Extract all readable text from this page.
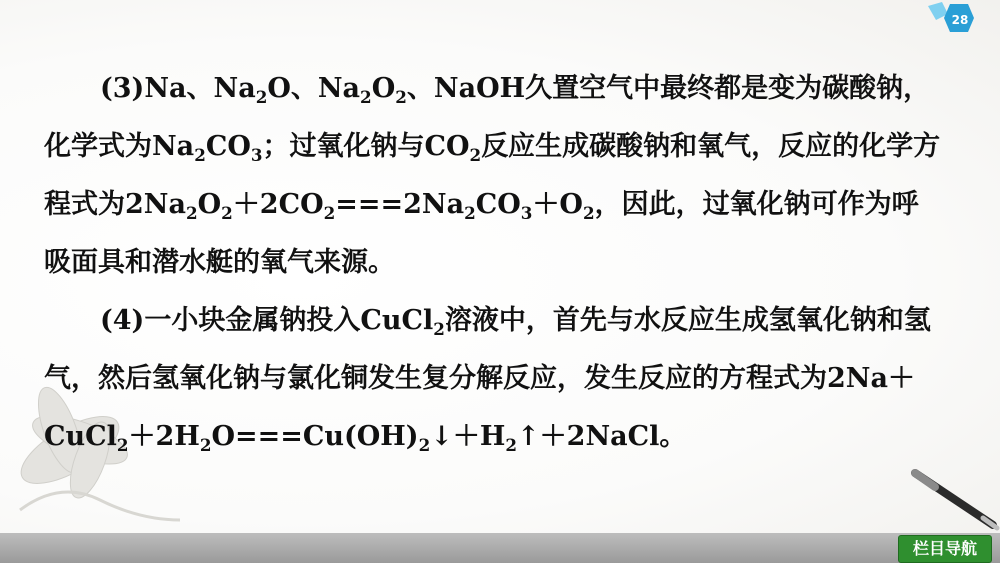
28

(3)Na、$Na_2O$、$Na_2O_2$、NaOH久置空气中最终都是变为碳酸钠，化学式为$Na_2CO_3$；过氧化钠与$CO_2$反应生成碳酸钠和氧气，反应的化学方程式为$2Na_2O_2+2CO_2===2Na_2CO_3+O_2$，因此，过氧化钠可作为呼吸面具和潜水艇的氧气来源。

(4)一小块金属钠投入CuCl$_2$溶液中，首先与水反应生成氢氧化钠和氢气，然后氢氧化钠与氯化铜发生复分解反应，发生反应的方程式为$2Na+CuCl_2+2H_2O===Cu(OH)_2↓+H_2↑+2NaCl$。

栏目导航
